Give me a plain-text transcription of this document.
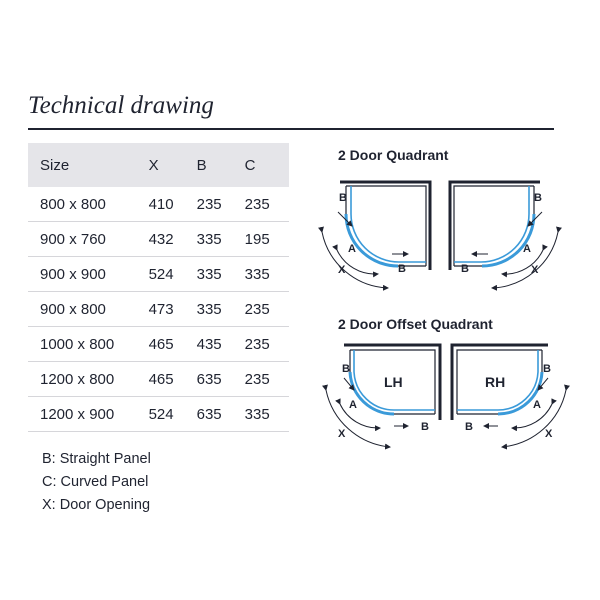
Technical drawing
Size	X	B	C
800 x 800	410	235	235
900 x 760	432	335	195
900 x 900	524	335	335
900 x 800	473	335	235
1000 x 800	465	435	235
1200 x 800	465	635	235
1200 x 900	524	635	335
B: Straight Panel
C: Curved Panel
X: Door Opening
2 Door Quadrant
2 Door Offset Quadrant
B
B
A
X
B
B
A
X
LH
B
B
A
X
RH
B
B
A
X
